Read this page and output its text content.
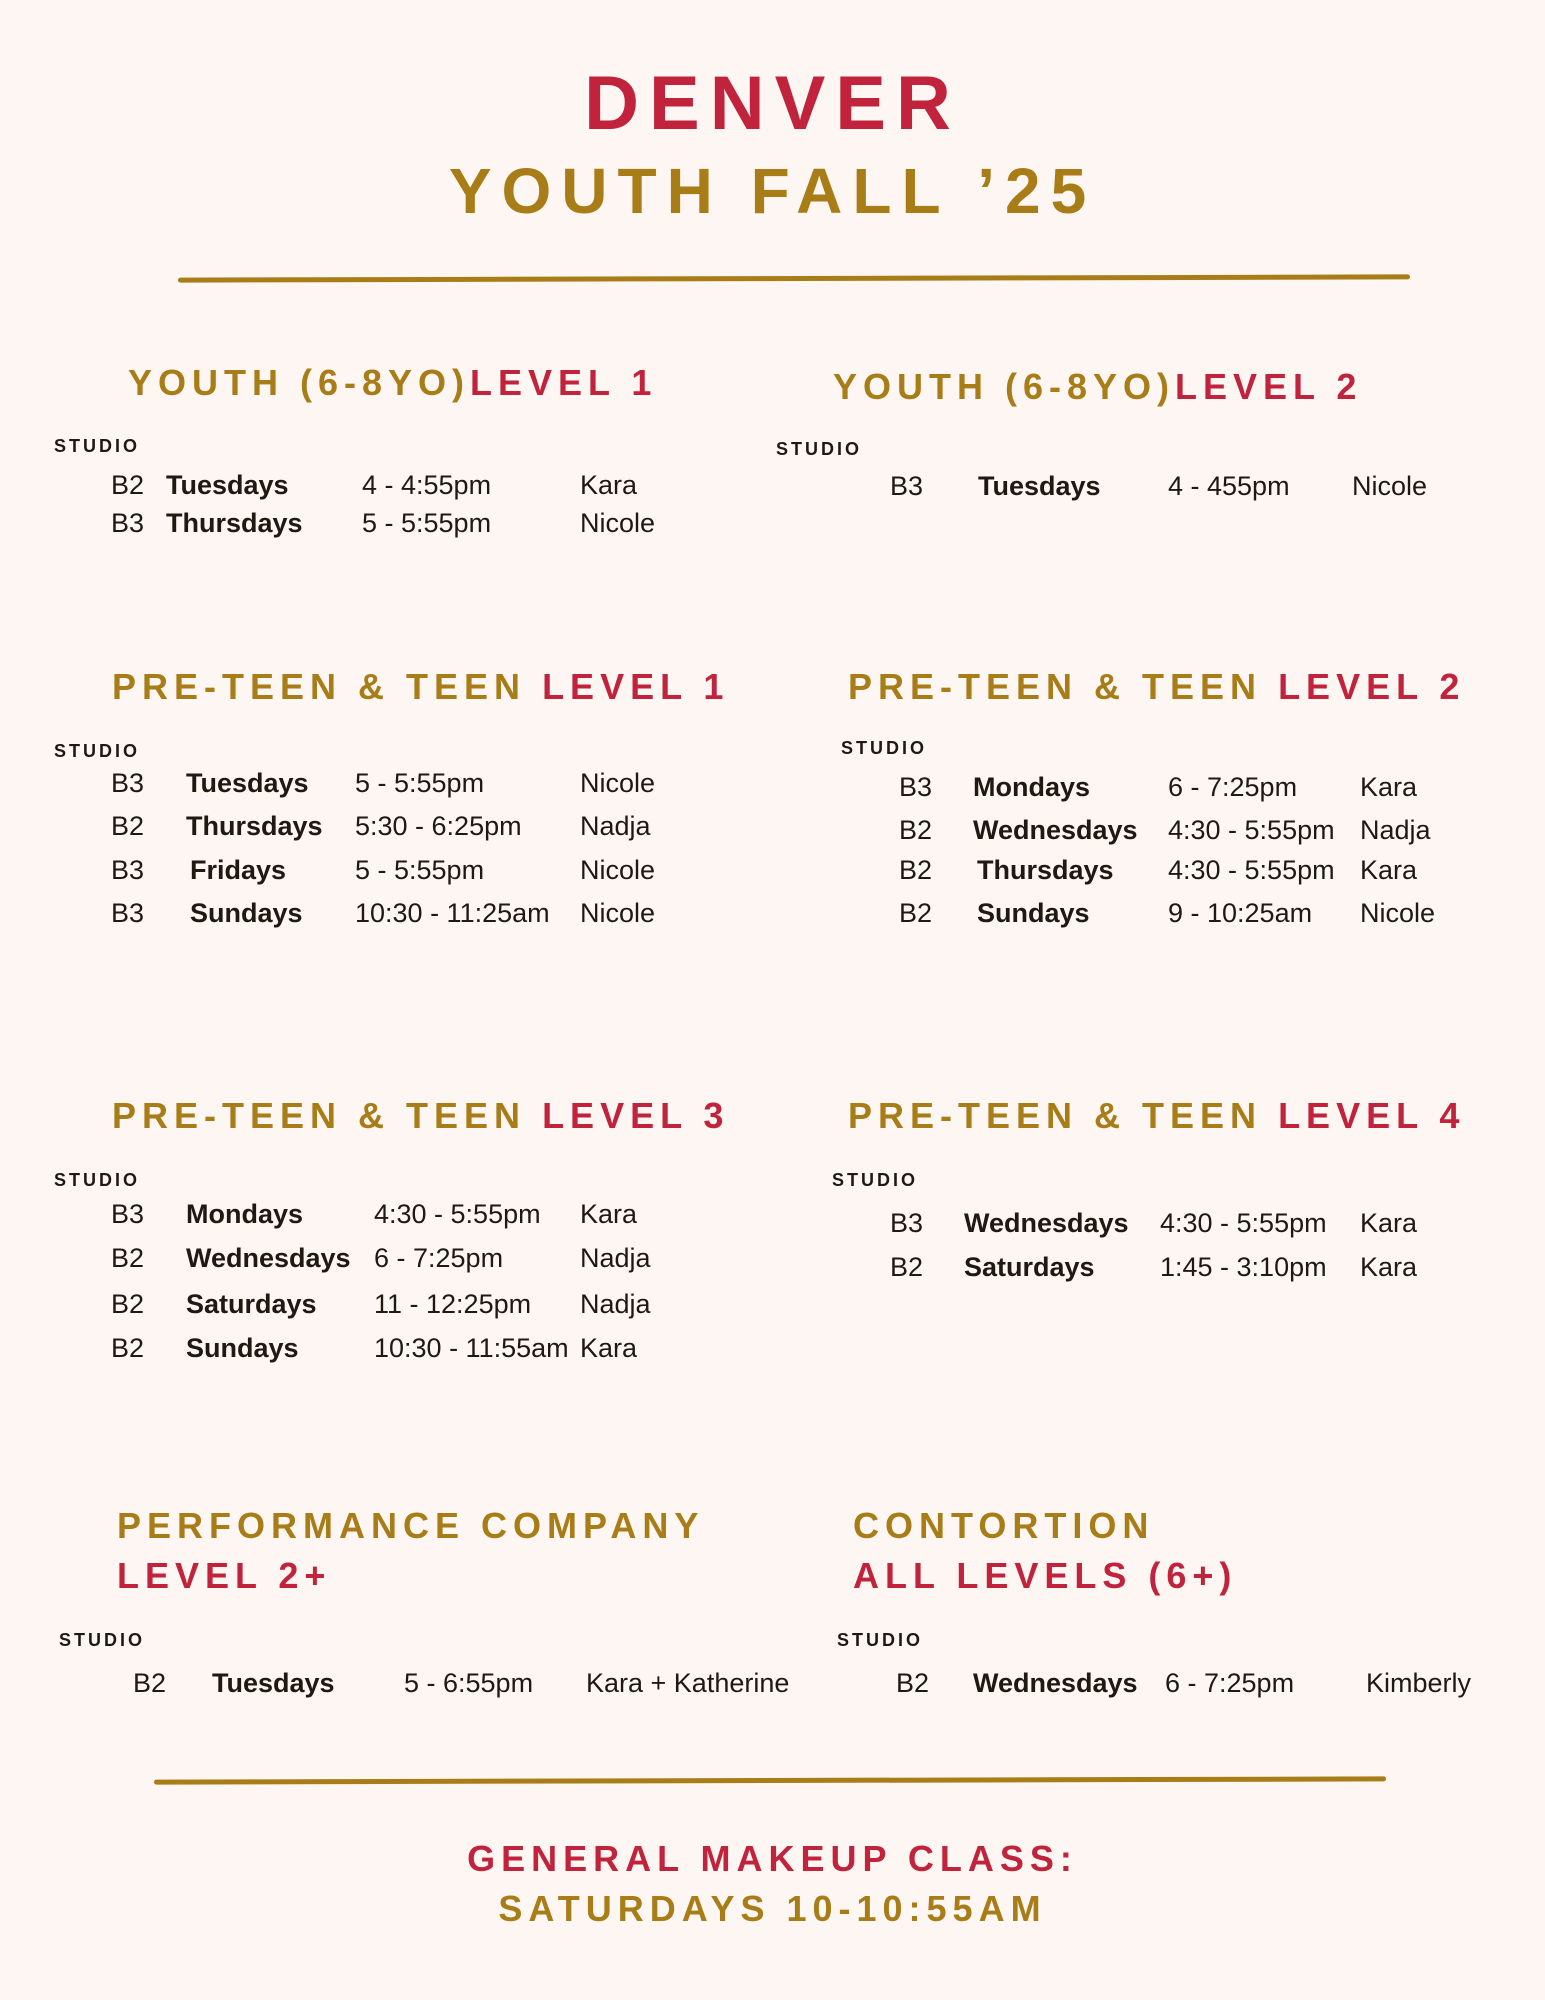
DENVER
YOUTH FALL ’25
YOUTH (6-8YO)LEVEL 1
STUDIO
B2 Tuesdays	4 - 4:55pm	Kara
B3 Thursdays 5 - 5:55pm	Nicole
YOUTH (6-8YO)LEVEL 2
STUDIO
B3 Tuesdays 4 - 455pm Nicole
PRE-TEEN & TEEN LEVEL 1
STUDIO
B3 Tuesdays 5 - 5:55pm	Nicole
B2 Thursdays 5:30 - 6:25pm Nadja
B3 Fridays	5 - 5:55pm	Nicole
B3 Sundays 10:30 - 11:25am Nicole
PRE-TEEN & TEEN LEVEL 2
STUDIO
B3 Mondays	6 - 7:25pm Kara
B2 Wednesdays 4:30 - 5:55pm Nadja
B2 Thursdays 4:30 - 5:55pm Kara
B2 Sundays	9 - 10:25am Nicole
PRE-TEEN & TEEN LEVEL 3
STUDIO
B3 Mondays	4:30 - 5:55pm Kara
B2 Wednesdays 6 - 7:25pm	Nadja
B2 Saturdays 11 - 12:25pm Nadja
B2 Sundays	10:30 - 11:55am Kara
PRE-TEEN & TEEN LEVEL 4
STUDIO
B3 Wednesdays 4:30 - 5:55pm Kara
B2 Saturdays 1:45 - 3:10pm Kara
PERFORMANCE COMPANY
LEVEL 2+
STUDIO
B2 Tuesdays	5 - 6:55pm Kara + Katherine
CONTORTION
ALL LEVELS (6+)
STUDIO
B2 Wednesdays 6 - 7:25pm	Kimberly
GENERAL MAKEUP CLASS:
SATURDAYS 10-10:55AM
